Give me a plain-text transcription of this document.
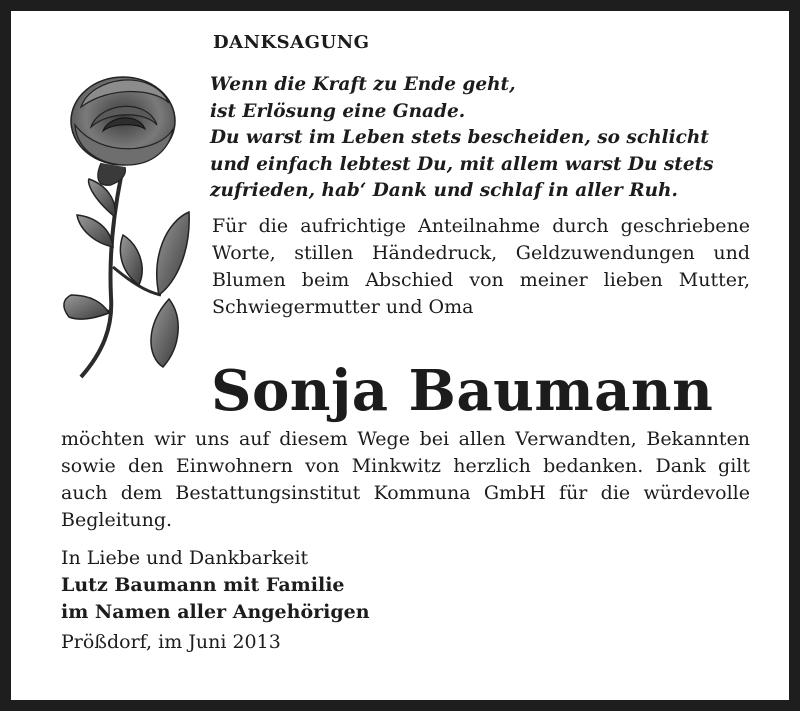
DANKSAGUNG
Wenn die Kraft zu Ende geht,
ist Erlösung eine Gnade.
Du warst im Leben stets bescheiden, so schlicht
und einfach lebtest Du, mit allem warst Du stets
zufrieden, hab‘ Dank und schlaf in aller Ruh.
Für die aufrichtige Anteilnahme durch geschriebene Worte, stillen Händedruck, Geldzuwendungen und Blumen beim Abschied von meiner lieben Mutter, Schwiegermutter und Oma
Sonja Baumann
möchten wir uns auf diesem Wege bei allen Verwandten, Bekannten sowie den Einwohnern von Minkwitz herzlich bedanken. Dank gilt auch dem Bestattungsinstitut Kommuna GmbH für die würdevolle Begleitung.
In Liebe und Dankbarkeit
Lutz Baumann mit Familie
im Namen aller Angehörigen
Prößdorf, im Juni 2013
